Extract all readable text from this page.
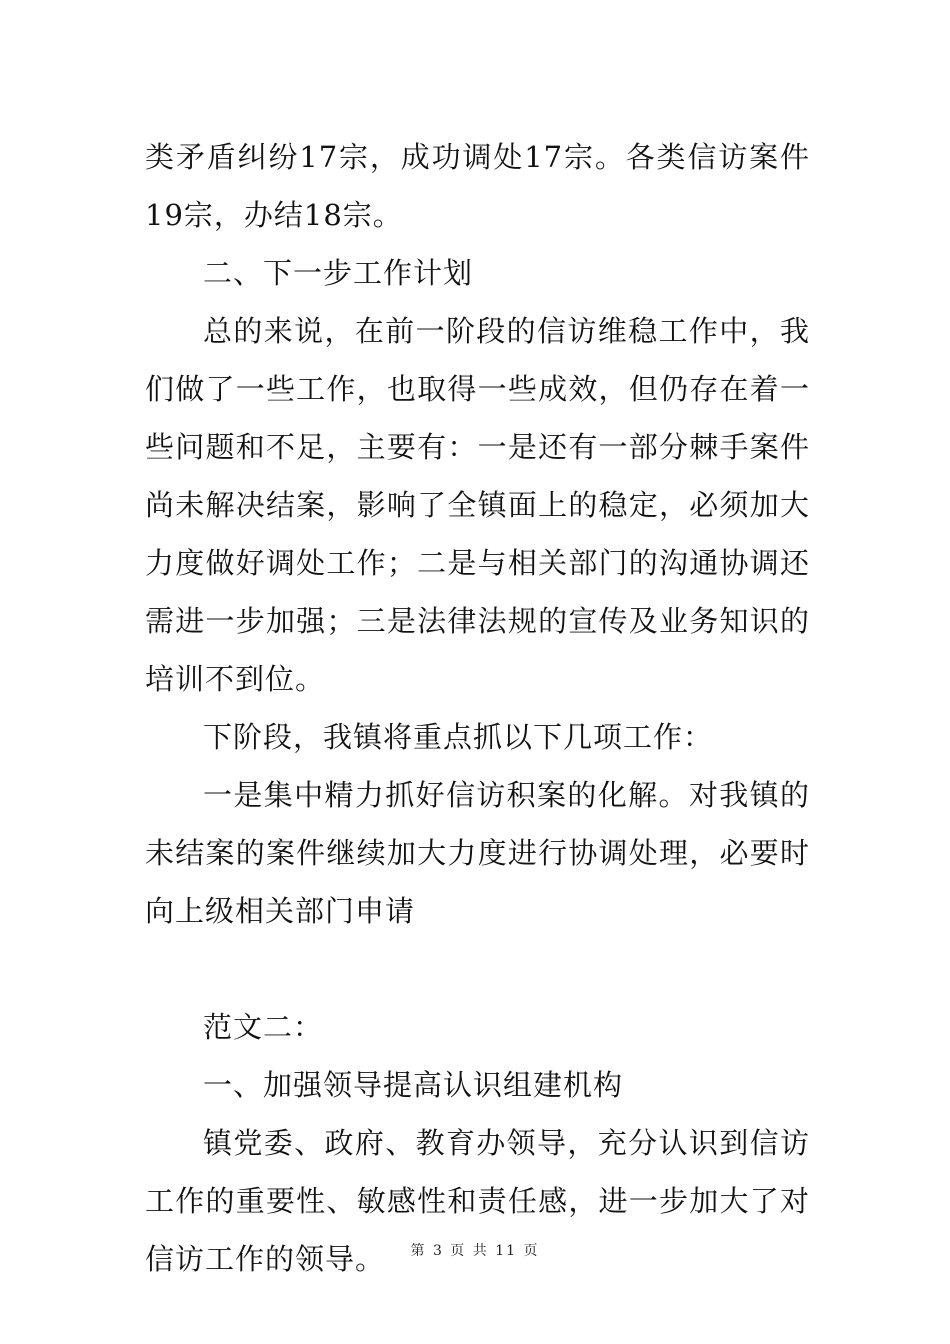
类矛盾纠纷17宗，成功调处17宗。各类信访案件19宗，办结18宗。

二、下一步工作计划

总的来说，在前一阶段的信访维稳工作中，我们做了一些工作，也取得一些成效，但仍存在着一些问题和不足，主要有：一是还有一部分棘手案件尚未解决结案，影响了全镇面上的稳定，必须加大力度做好调处工作；二是与相关部门的沟通协调还需进一步加强；三是法律法规的宣传及业务知识的培训不到位。

下阶段，我镇将重点抓以下几项工作：

一是集中精力抓好信访积案的化解。对我镇的未结案的案件继续加大力度进行协调处理，必要时向上级相关部门申请

范文二：

一、加强领导提高认识组建机构

镇党委、政府、教育办领导，充分认识到信访工作的重要性、敏感性和责任感，进一步加大了对信访工作的领导。	第 3 页 共 11 页
